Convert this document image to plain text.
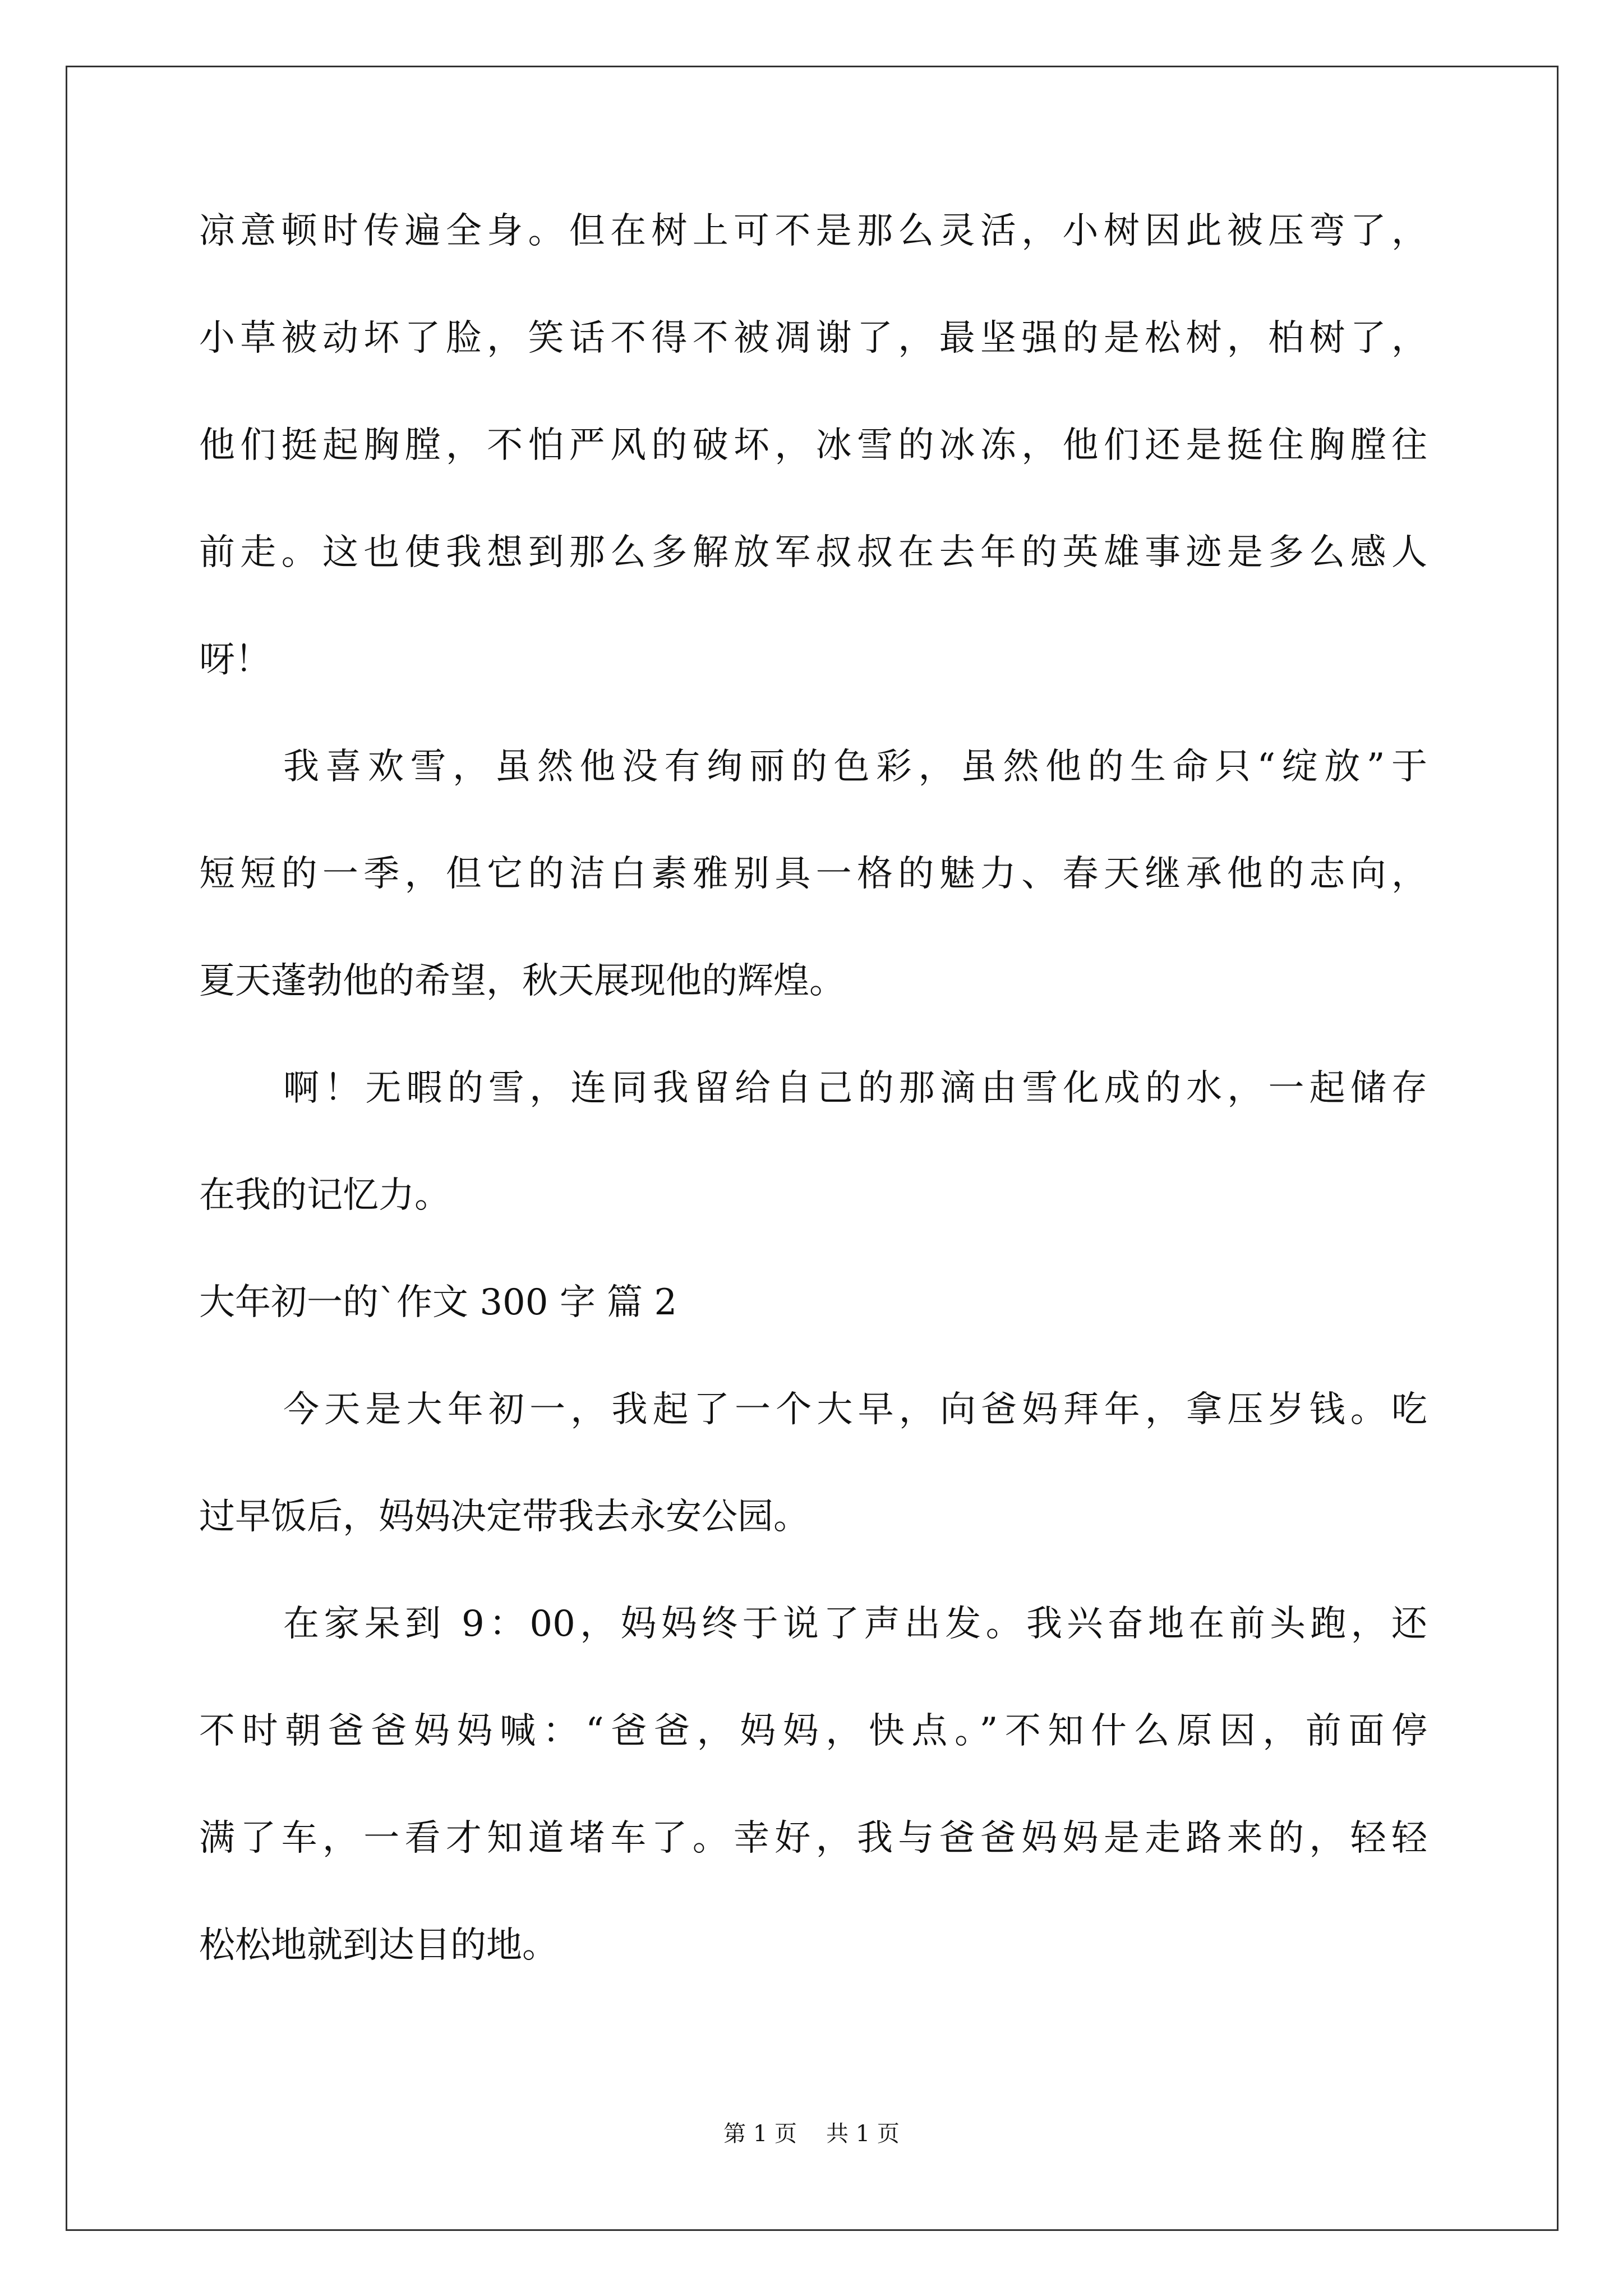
凉意顿时传遍全身。但在树上可不是那么灵活，小树因此被压弯了，
小草被动坏了脸，笑话不得不被凋谢了，最坚强的是松树，柏树了，
他们挺起胸膛，不怕严风的破坏，冰雪的冰冻，他们还是挺住胸膛往
前走。这也使我想到那么多解放军叔叔在去年的英雄事迹是多么感人
呀！
我喜欢雪，虽然他没有绚丽的色彩，虽然他的生命只“绽放”于
短短的一季，但它的洁白素雅别具一格的魅力、春天继承他的志向，
夏天蓬勃他的希望，秋天展现他的辉煌。
啊！无暇的雪，连同我留给自己的那滴由雪化成的水，一起储存
在我的记忆力。
大年初一的`作文 300 字 篇 2
今天是大年初一，我起了一个大早，向爸妈拜年，拿压岁钱。吃
过早饭后，妈妈决定带我去永安公园。
在家呆到 9：00，妈妈终于说了声出发。我兴奋地在前头跑，还
不时朝爸爸妈妈喊：“爸爸，妈妈，快点。”不知什么原因，前面停
满了车，一看才知道堵车了。幸好，我与爸爸妈妈是走路来的，轻轻
松松地就到达目的地。
第 1 页 共 1 页
